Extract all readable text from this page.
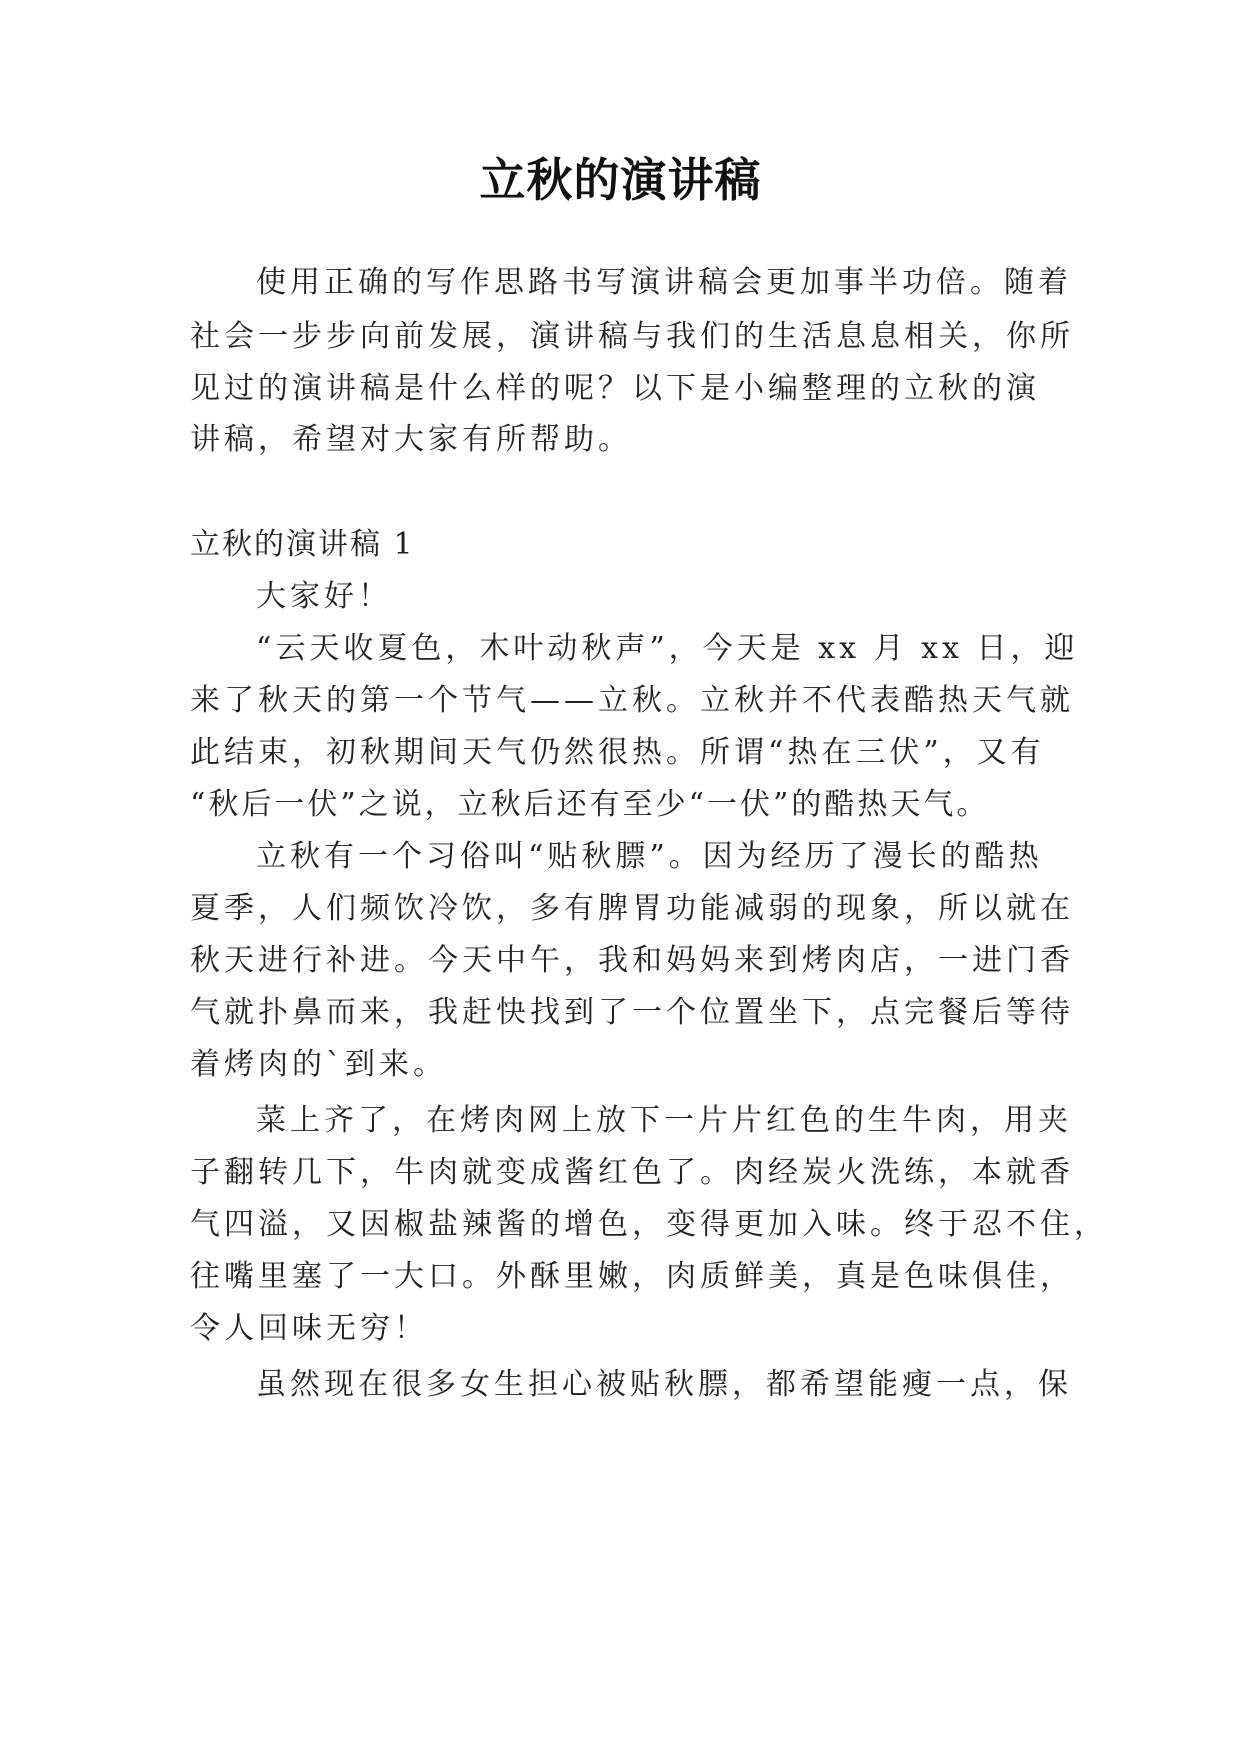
立秋的演讲稿
使用正确的写作思路书写演讲稿会更加事半功倍。随着
社会一步步向前发展，演讲稿与我们的生活息息相关，你所
见过的演讲稿是什么样的呢？以下是小编整理的立秋的演
讲稿，希望对大家有所帮助。
立秋的演讲稿 1
大家好！
“云天收夏色，木叶动秋声”，今天是 xx 月 xx 日，迎
来了秋天的第一个节气——立秋。立秋并不代表酷热天气就
此结束，初秋期间天气仍然很热。所谓“热在三伏”，又有
“秋后一伏”之说，立秋后还有至少“一伏”的酷热天气。
立秋有一个习俗叫“贴秋膘”。因为经历了漫长的酷热
夏季，人们频饮冷饮，多有脾胃功能减弱的现象，所以就在
秋天进行补进。今天中午，我和妈妈来到烤肉店，一进门香
气就扑鼻而来，我赶快找到了一个位置坐下，点完餐后等待
着烤肉的`到来。
菜上齐了，在烤肉网上放下一片片红色的生牛肉，用夹
子翻转几下，牛肉就变成酱红色了。肉经炭火洗练，本就香
气四溢，又因椒盐辣酱的增色，变得更加入味。终于忍不住，
往嘴里塞了一大口。外酥里嫩，肉质鲜美，真是色味俱佳，
令人回味无穷！
虽然现在很多女生担心被贴秋膘，都希望能瘦一点，保
